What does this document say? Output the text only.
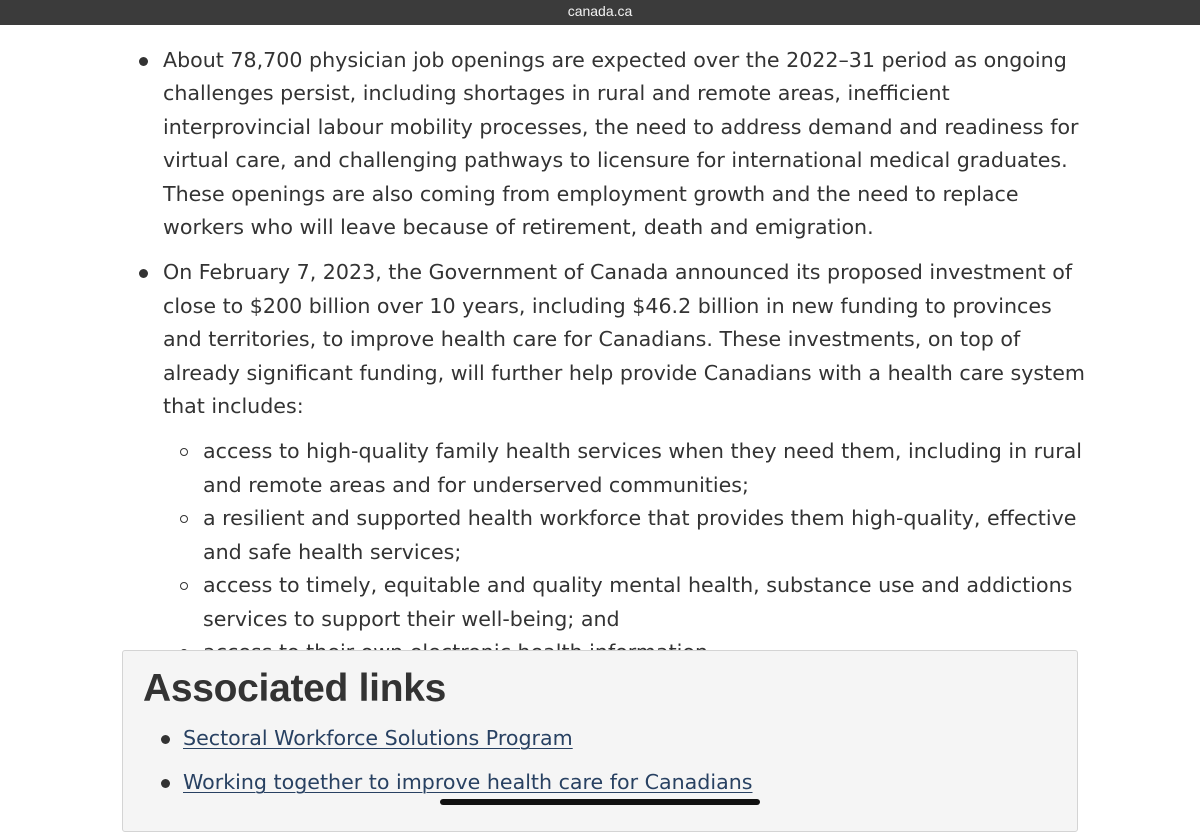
canada.ca
About 78,700 physician job openings are expected over the 2022–31 period as ongoing challenges persist, including shortages in rural and remote areas, inefficient interprovincial labour mobility processes, the need to address demand and readiness for virtual care, and challenging pathways to licensure for international medical graduates. These openings are also coming from employment growth and the need to replace workers who will leave because of retirement, death and emigration.
On February 7, 2023, the Government of Canada announced its proposed investment of close to $200 billion over 10 years, including $46.2 billion in new funding to provinces and territories, to improve health care for Canadians. These investments, on top of already significant funding, will further help provide Canadians with a health care system that includes:
access to high-quality family health services when they need them, including in rural and remote areas and for underserved communities;
a resilient and supported health workforce that provides them high-quality, effective and safe health services;
access to timely, equitable and quality mental health, substance use and addictions services to support their well-being; and
Associated links
Sectoral Workforce Solutions Program
Working together to improve health care for Canadians
